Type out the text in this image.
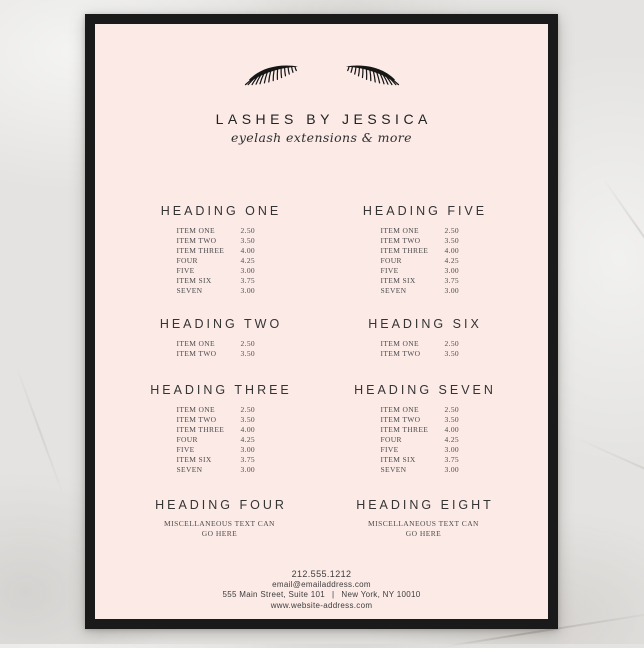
LASHES BY JESSICA
eyelash extensions & more
HEADING ONE
ITEM ONE	2.50
ITEM TWO	3.50
ITEM THREE 4.00
FOUR	4.25
FIVE	3.00
ITEM SIX	3.75
SEVEN	3.00
HEADING TWO
ITEM ONE	2.50
ITEM TWO	3.50
HEADING THREE
ITEM ONE	2.50
ITEM TWO	3.50
ITEM THREE 4.00
FOUR	4.25
FIVE	3.00
ITEM SIX	3.75
SEVEN	3.00
HEADING FOUR
MISCELLANEOUS TEXT CAN
GO HERE
HEADING FIVE
ITEM ONE	2.50
ITEM TWO	3.50
ITEM THREE 4.00
FOUR	4.25
FIVE	3.00
ITEM SIX	3.75
SEVEN	3.00
HEADING SIX
ITEM ONE	2.50
ITEM TWO	3.50
HEADING SEVEN
ITEM ONE	2.50
ITEM TWO	3.50
ITEM THREE 4.00
FOUR	4.25
FIVE	3.00
ITEM SIX	3.75
SEVEN	3.00
HEADING EIGHT
MISCELLANEOUS TEXT CAN
GO HERE
212.555.1212
email@emailaddress.com
555 Main Street, Suite 101 | New York, NY 10010
www.website-address.com
